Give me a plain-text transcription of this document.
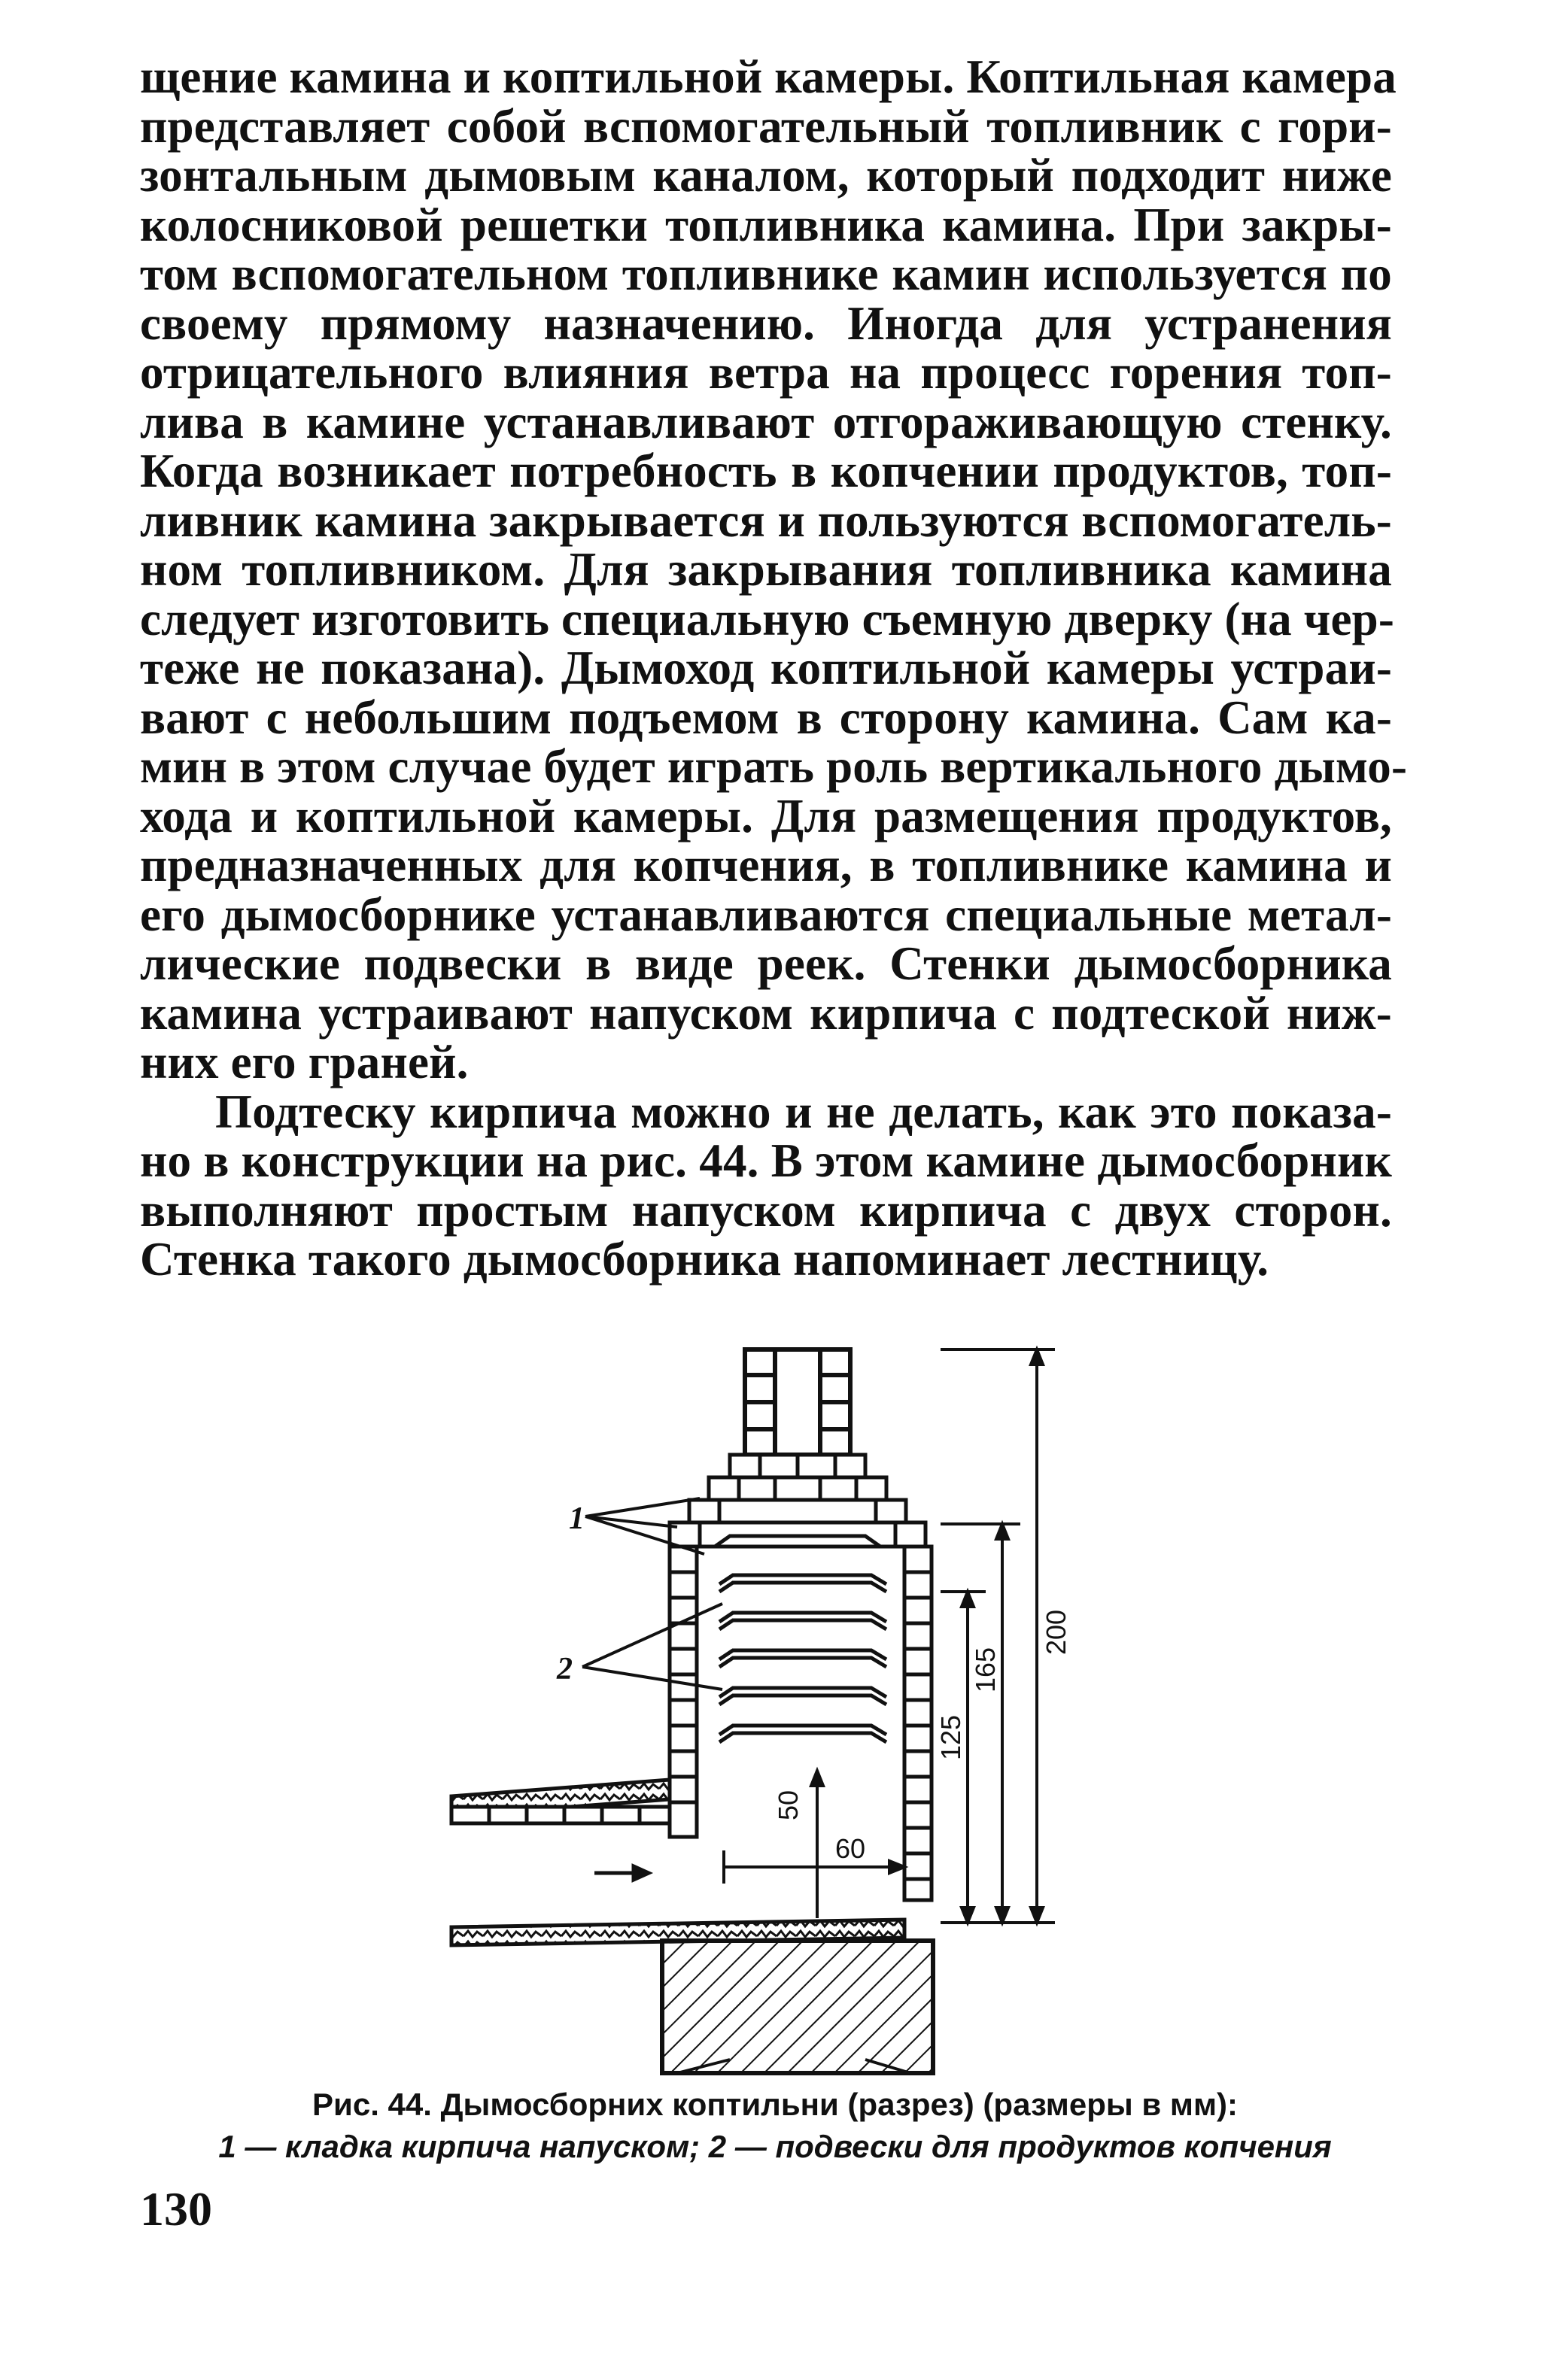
щение камина и коптильной камеры. Коптильная камера
представляет собой вспомогательный топливник с гори-
зонтальным дымовым каналом, который подходит ниже
колосниковой решетки топливника камина. При закры-
том вспомогательном топливнике камин используется по
своему прямому назначению. Иногда для устранения
отрицательного влияния ветра на процесс горения топ-
лива в камине устанавливают отгораживающую стенку.
Когда возникает потребность в копчении продуктов, топ-
ливник камина закрывается и пользуются вспомогатель-
ном топливником. Для закрывания топливника камина
следует изготовить специальную съемную дверку (на чер-
теже не показана). Дымоход коптильной камеры устраи-
вают с небольшим подъемом в сторону камина. Сам ка-
мин в этом случае будет играть роль вертикального дымо-
хода и коптильной камеры. Для размещения продуктов,
предназначенных для копчения, в топливнике камина и
его дымосборнике устанавливаются специальные метал-
лические подвески в виде реек. Стенки дымосборника
камина устраивают напуском кирпича с подтеской ниж-
них его граней.

Подтеску кирпича можно и не делать, как это показа-
но в конструкции на рис. 44. В этом камине дымосборник
выполняют простым напуском кирпича с двух сторон.
Стенка такого дымосборника напоминает лестницу.

1
2
50
60
125
165
200
Рис. 44. Дымосборних коптильни (разрез) (размеры в мм):
1 — кладка кирпича напуском; 2 — подвески для продуктов копчения
130
